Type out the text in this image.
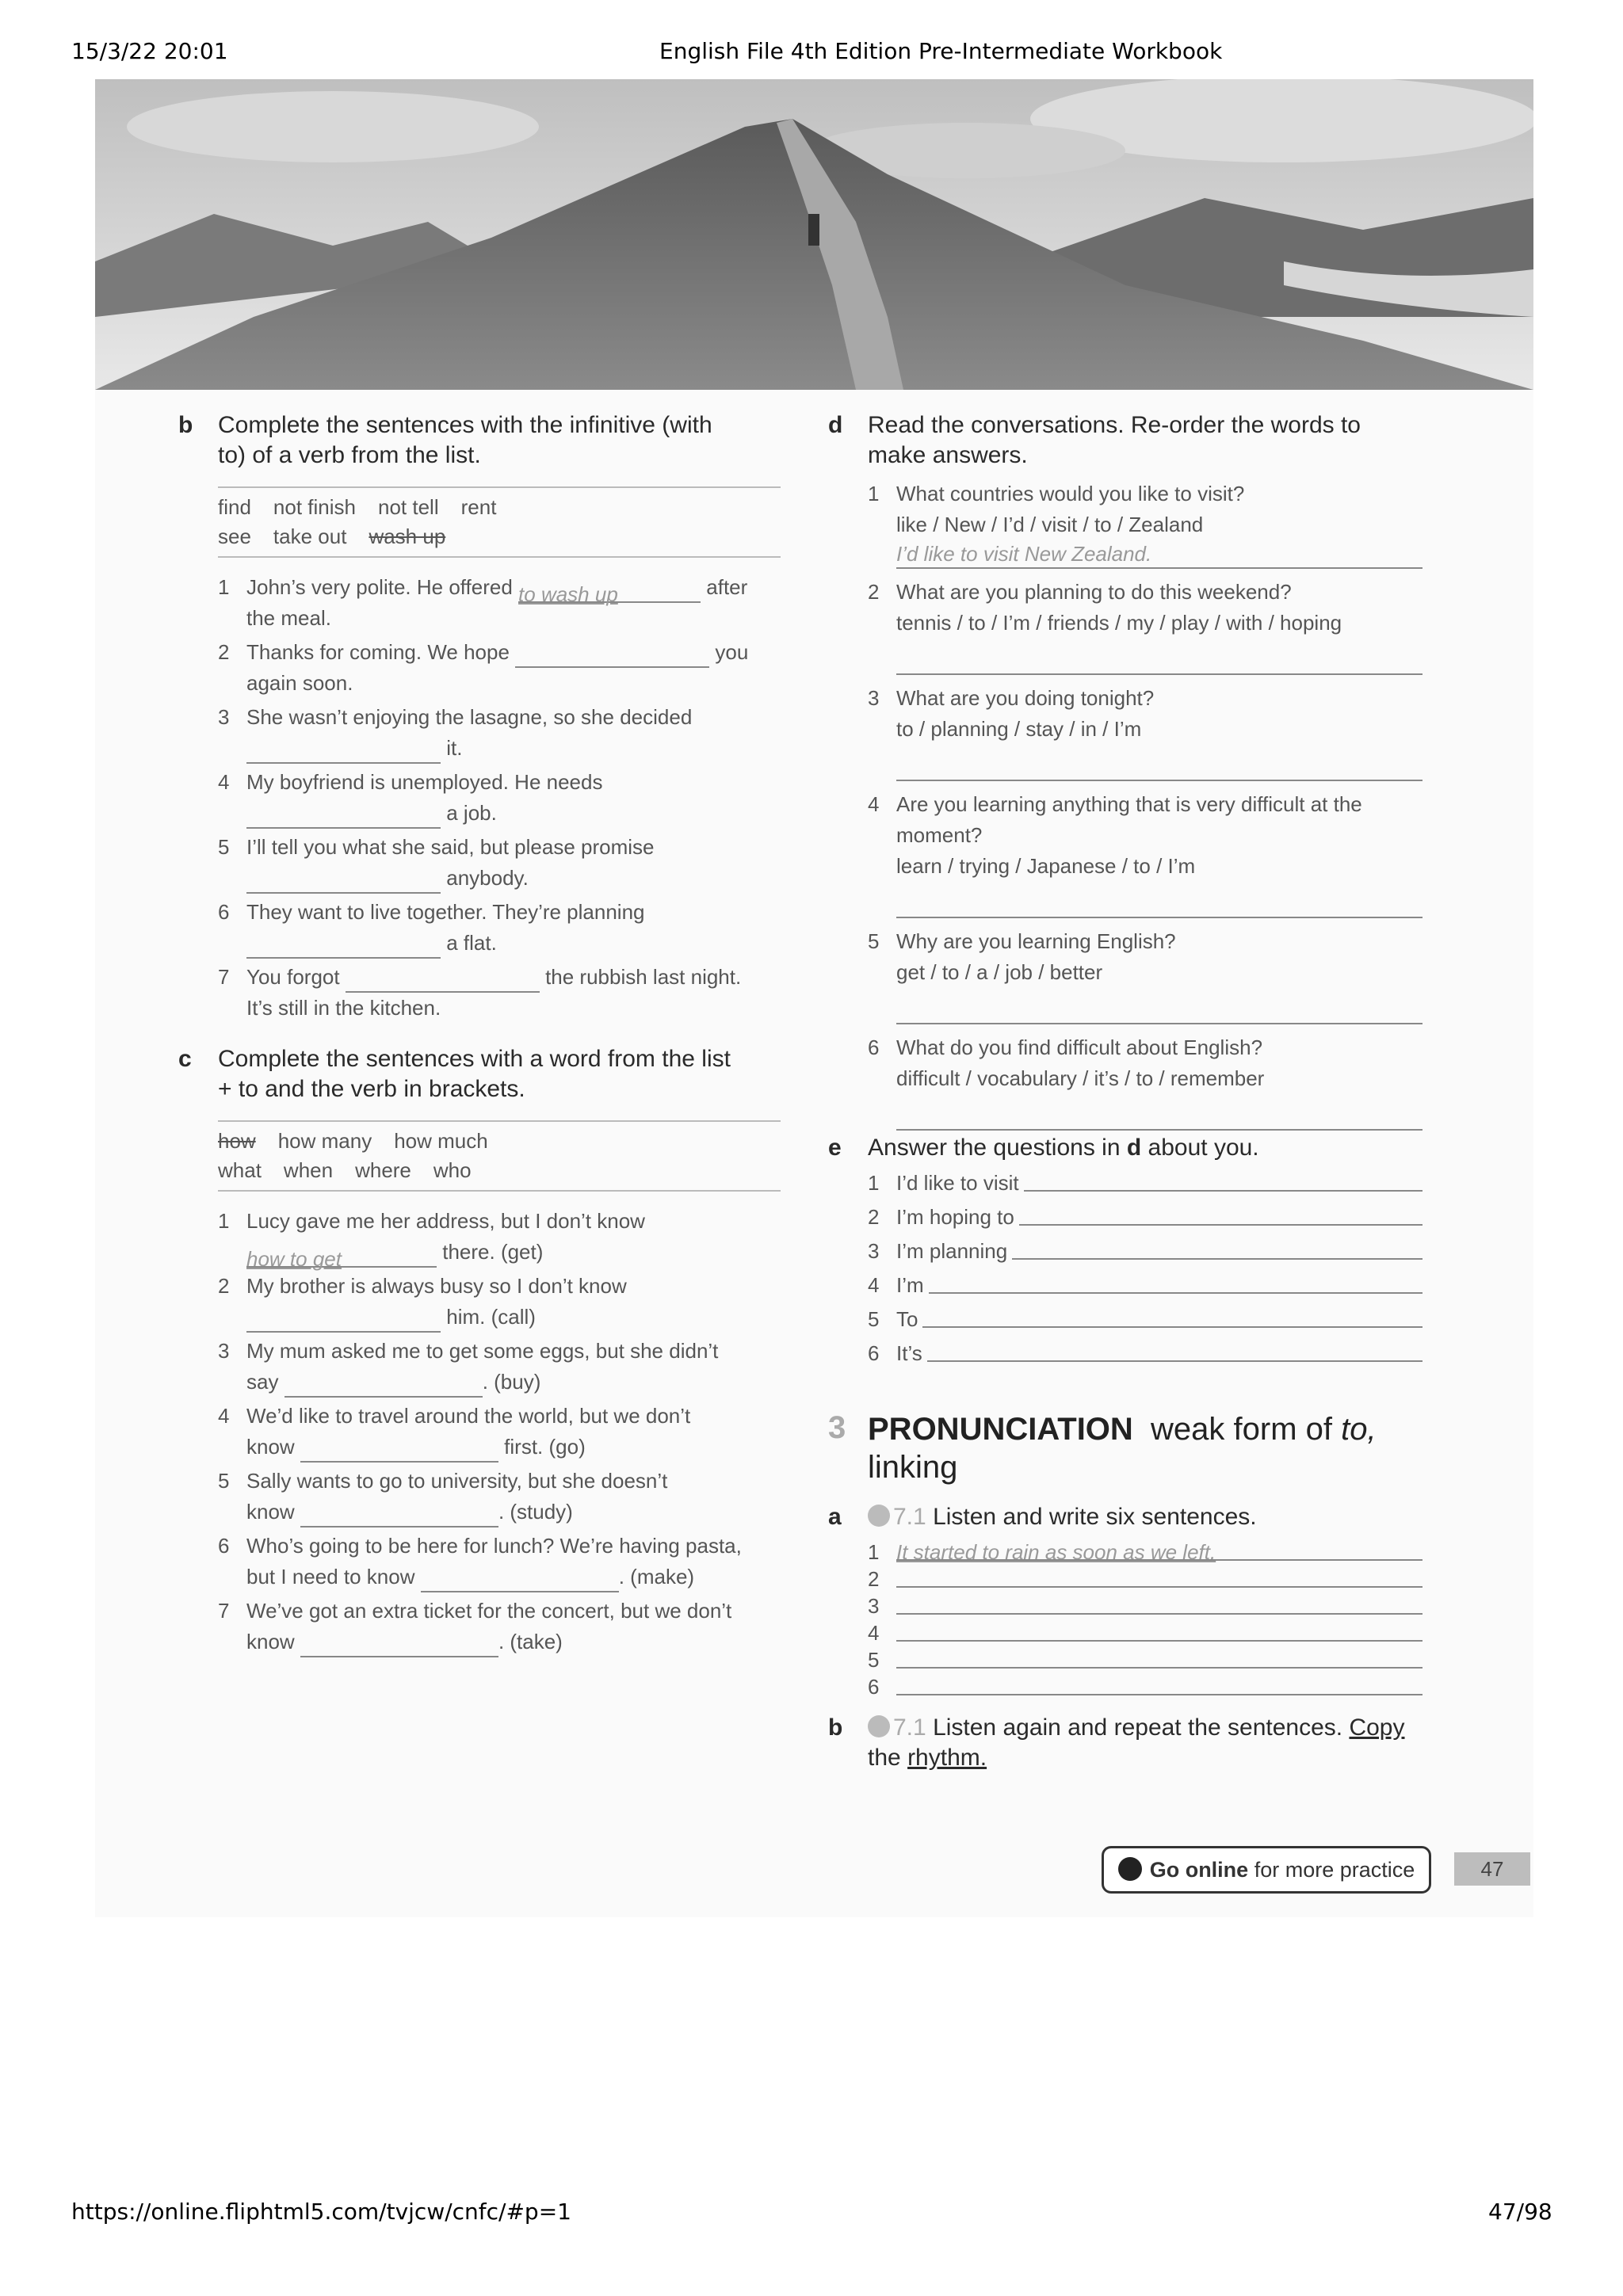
15/3/22 20:01	English File 4th Edition Pre-Intermediate Workbook
b Complete the sentences with the infinitive (with
to) of a verb from the list.
find not finish not tell rent
see take out wash up
1 John’s very polite. He offered to wash up	after
the meal.
2 Thanks for coming. We hope	you
again soon.
3 She wasn’t enjoying the lasagne, so she decided
it.
4 My boyfriend is unemployed. He needs
a job.
5 I’ll tell you what she said, but please promise
anybody.
6 They want to live together. They’re planning
a flat.
7 You forgot	the rubbish last night.
It’s still in the kitchen.
c Complete the sentences with a word from the list
+ to and the verb in brackets.
how how many how much
what when where who
1 Lucy gave me her address, but I don’t know
how to get	there. (get)
2 My brother is always busy so I don’t know
him. (call)
3 My mum asked me to get some eggs, but she didn’t
say	. (buy)
4 We’d like to travel around the world, but we don’t
know	first. (go)
5 Sally wants to go to university, but she doesn’t
know	. (study)
6 Who’s going to be here for lunch? We’re having pasta,
but I need to know	. (make)
7 We’ve got an extra ticket for the concert, but we don’t
know	. (take)
d Read the conversations. Re-order the words to
make answers.
1 What countries would you like to visit?
like / New / I’d / visit / to / Zealand
I’d like to visit New Zealand.
2 What are you planning to do this weekend?
tennis / to / I’m / friends / my / play / with / hoping
3 What are you doing tonight?
to / planning / stay / in / I’m
4 Are you learning anything that is very difficult at the
moment?
learn / trying / Japanese / to / I’m
5 Why are you learning English?
get / to / a / job / better
6 What do you find difficult about English?
difficult / vocabulary / it’s / to / remember
e Answer the questions in d about you.
1 I’d like to visit
2 I’m hoping to
3 I’m planning
4 I’m
5 To
6 It’s
3 PRONUNCIATION weak form of to,
linking
a	7.1 Listen and write six sentences.
1 It started to rain as soon as we left.
2
3
4
5
6
b	7.1 Listen again and repeat the sentences. Copy
the rhythm.
Go online for more practice	47
https://online.fliphtml5.com/tvjcw/cnfc/#p=1	47/98
